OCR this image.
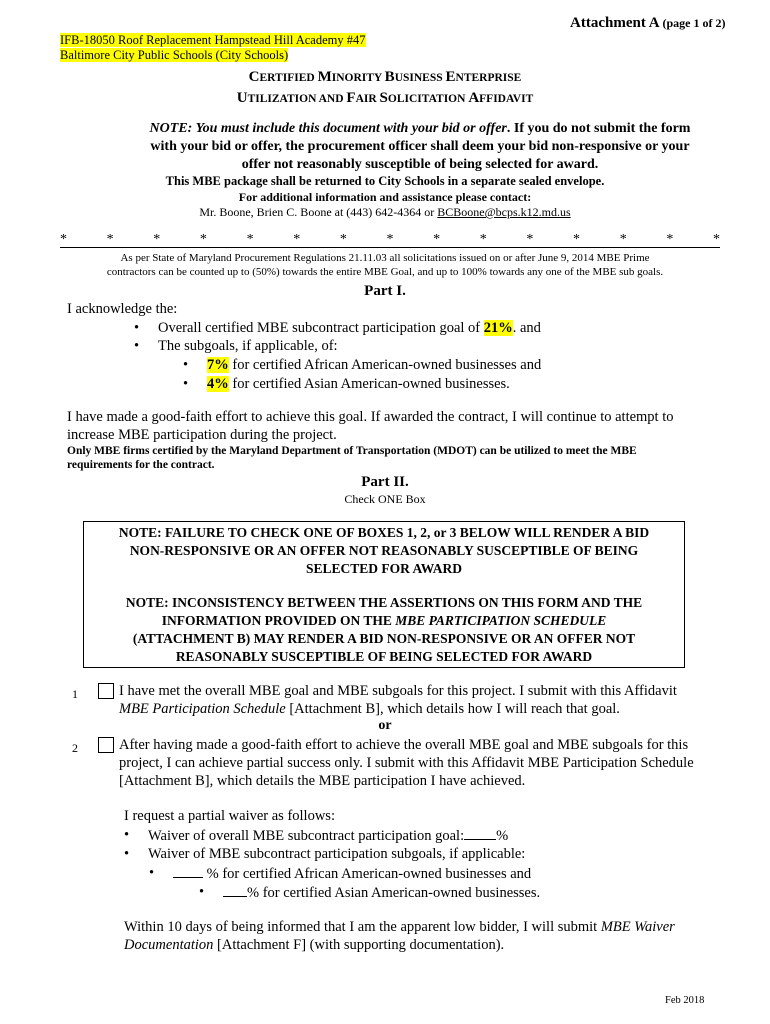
Attachment A (page 1 of 2)
IFB-18050 Roof Replacement Hampstead Hill Academy #47
Baltimore City Public Schools (City Schools)
CERTIFIED MINORITY BUSINESS ENTERPRISE
UTILIZATION AND FAIR SOLICITATION AFFIDAVIT
NOTE: You must include this document with your bid or offer. If you do not submit the form
with your bid or offer, the procurement officer shall deem your bid non-responsive or your
offer not reasonably susceptible of being selected for award.
This MBE package shall be returned to City Schools in a separate sealed envelope.
For additional information and assistance please contact:
Mr. Boone, Brien C. Boone at (443) 642-4364 or BCBoone@bcps.k12.md.us
*	*	*	*	*	*	*	*	*	*	*	*	*	*	*
As per State of Maryland Procurement Regulations 21.11.03 all solicitations issued on or after June 9, 2014 MBE Prime
contractors can be counted up to (50%) towards the entire MBE Goal, and up to 100% towards any one of the MBE sub goals.
Part I.
I acknowledge the:
• Overall certified MBE subcontract participation goal of 21%. and
• The subgoals, if applicable, of:
• 7% for certified African American-owned businesses and
• 4% for certified Asian American-owned businesses.
I have made a good-faith effort to achieve this goal. If awarded the contract, I will continue to attempt to
increase MBE participation during the project.
Only MBE firms certified by the Maryland Department of Transportation (MDOT) can be utilized to meet the MBE
requirements for the contract.
Part II.
Check ONE Box
NOTE: FAILURE TO CHECK ONE OF BOXES 1, 2, or 3 BELOW WILL RENDER A BID
NON-RESPONSIVE OR AN OFFER NOT REASONABLY SUSCEPTIBLE OF BEING
SELECTED FOR AWARD
NOTE: INCONSISTENCY BETWEEN THE ASSERTIONS ON THIS FORM AND THE
INFORMATION PROVIDED ON THE MBE PARTICIPATION SCHEDULE
(ATTACHMENT B) MAY RENDER A BID NON-RESPONSIVE OR AN OFFER NOT
REASONABLY SUSCEPTIBLE OF BEING SELECTED FOR AWARD
1	I have met the overall MBE goal and MBE subgoals for this project. I submit with this Affidavit
MBE Participation Schedule [Attachment B], which details how I will reach that goal.
or
2	After having made a good-faith effort to achieve the overall MBE goal and MBE subgoals for this
project, I can achieve partial success only. I submit with this Affidavit MBE Participation Schedule
[Attachment B], which details the MBE participation I have achieved.
I request a partial waiver as follows:
• Waiver of overall MBE subcontract participation goal: %
• Waiver of MBE subcontract participation subgoals, if applicable:
• % for certified African American-owned businesses and
• % for certified Asian American-owned businesses.
Within 10 days of being informed that I am the apparent low bidder, I will submit MBE Waiver
Documentation [Attachment F] (with supporting documentation).
Feb 2018
